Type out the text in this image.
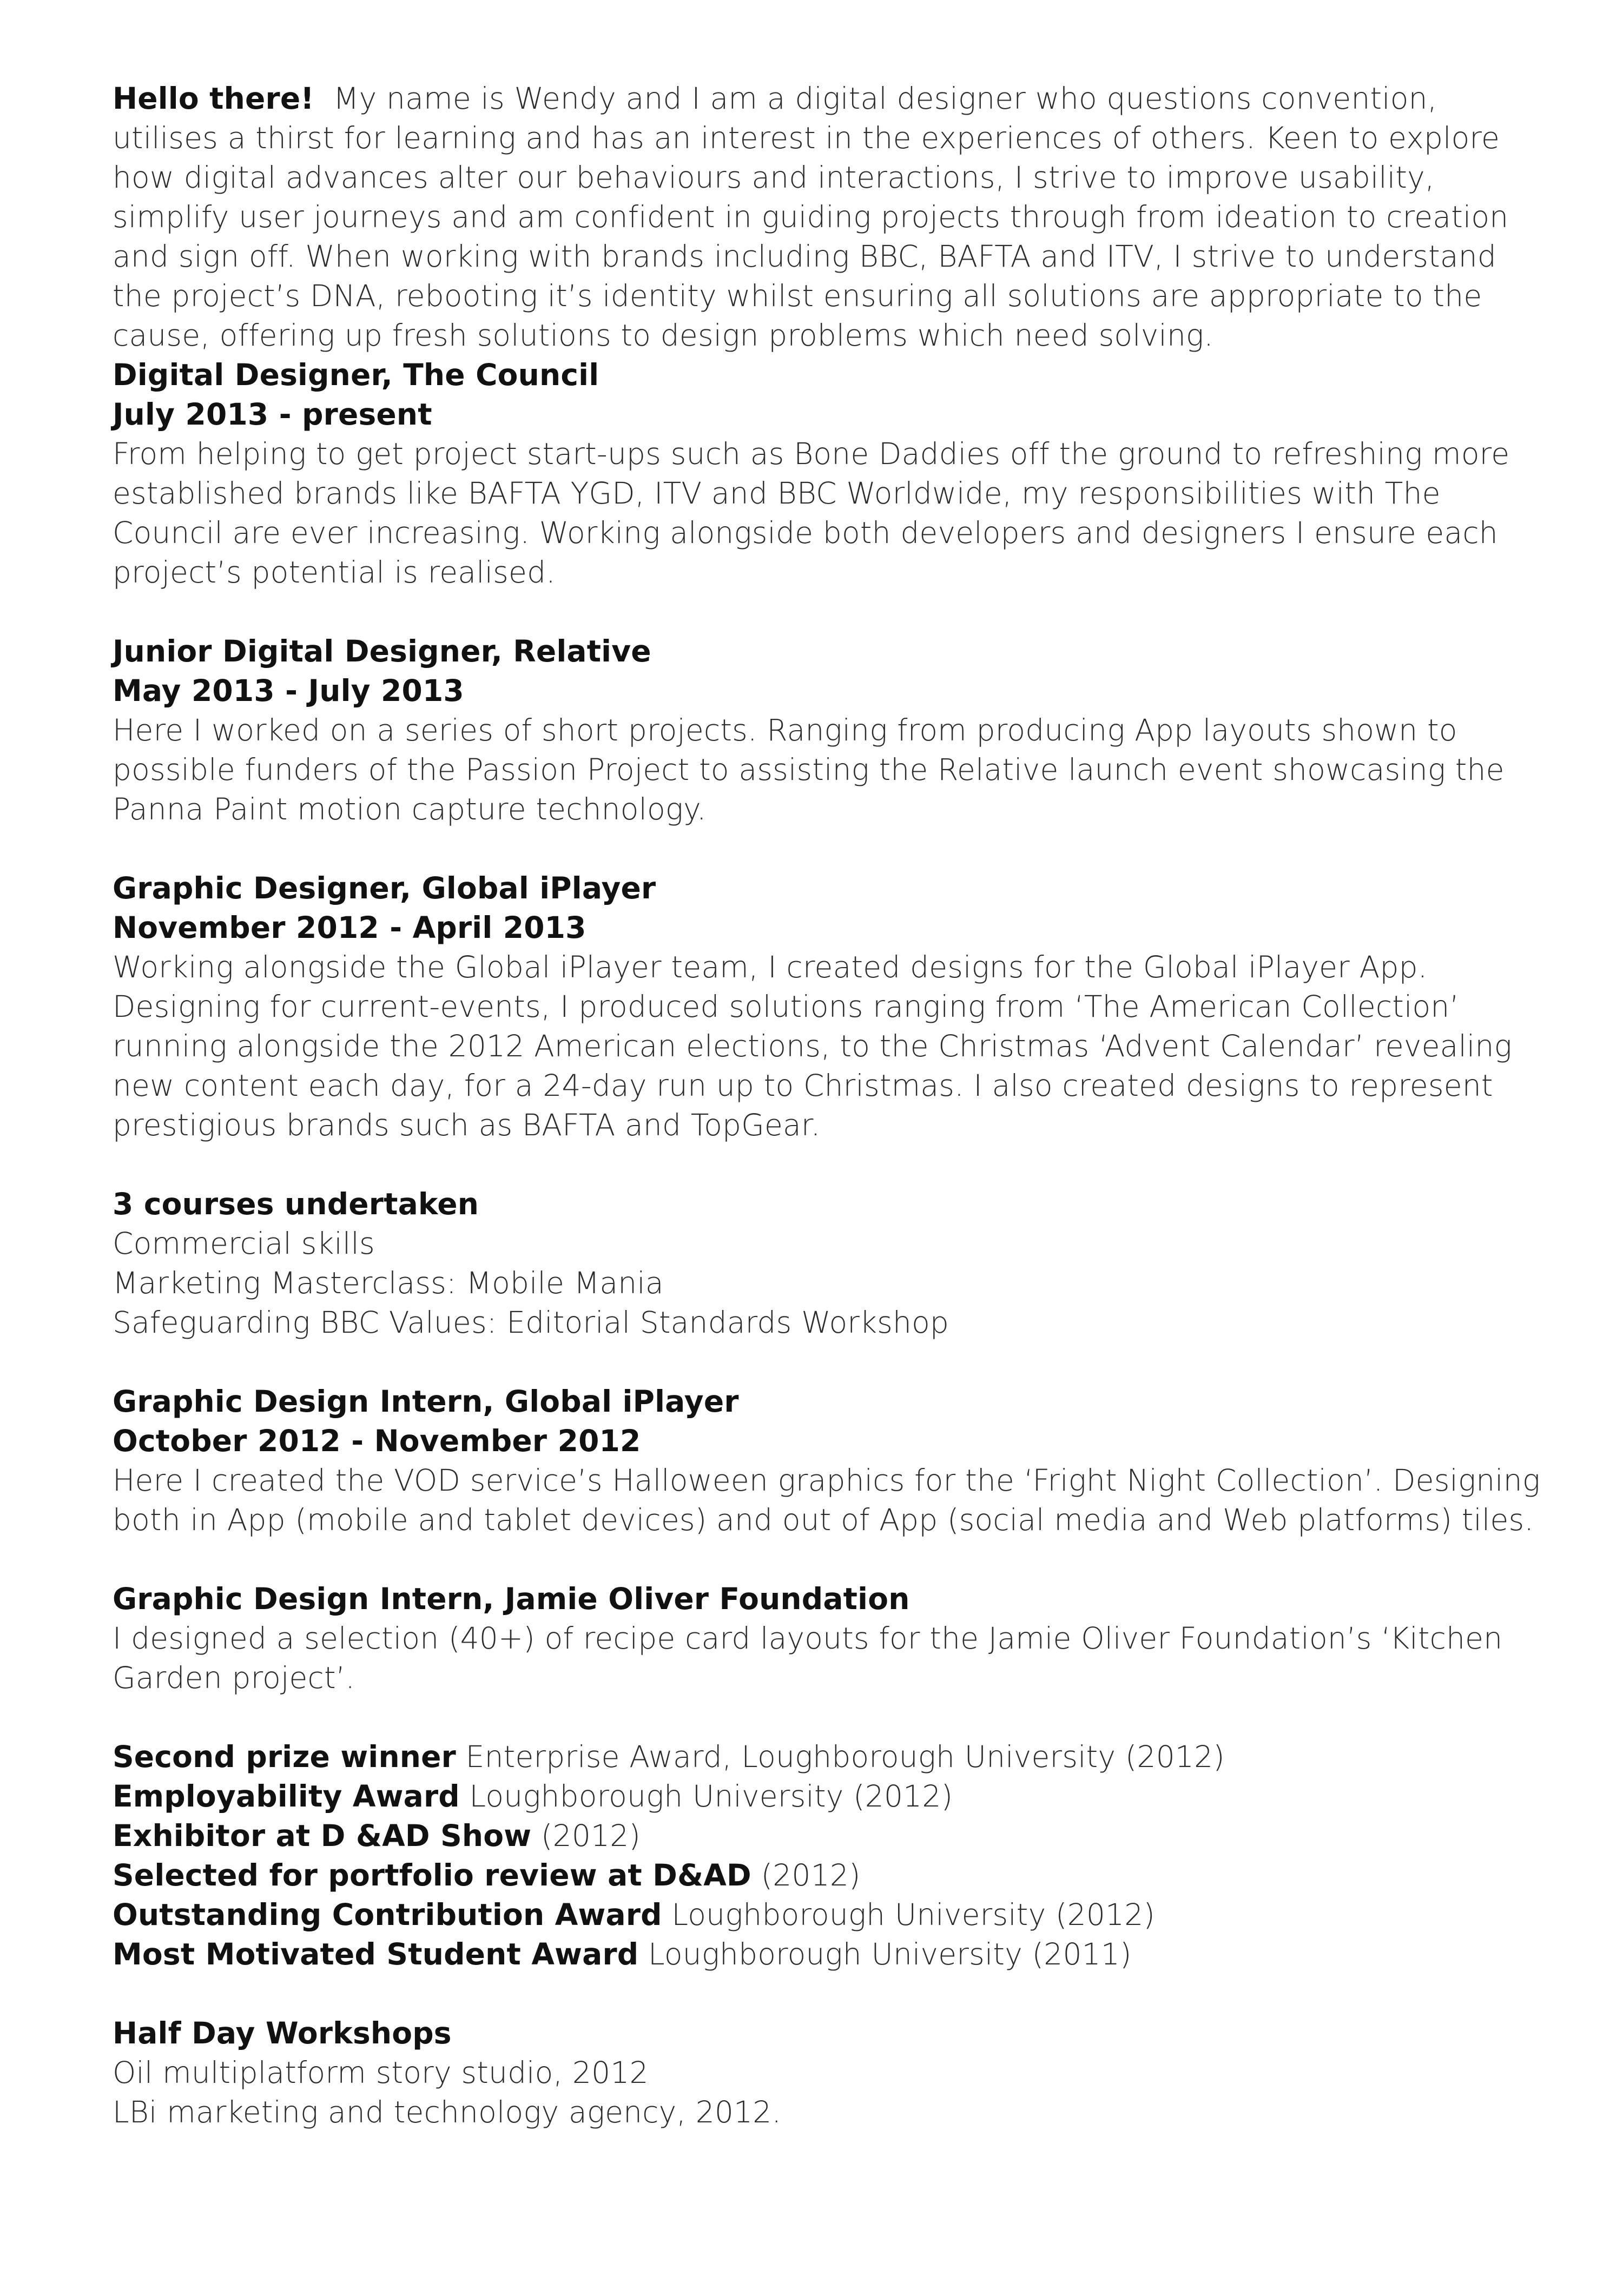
Hello there! My name is Wendy and I am a digital designer who questions convention, utilises a thirst for learning and has an interest in the experiences of others. Keen to explore how digital advances alter our behaviours and interactions, I strive to improve usability, simplify user journeys and am confident in guiding projects through from ideation to creation and sign off. When working with brands including BBC, BAFTA and ITV, I strive to understand the project’s DNA, rebooting it’s identity whilst ensuring all solutions are appropriate to the cause, offering up fresh solutions to design problems which need solving.

Digital Designer, The Council
July 2013 - present

From helping to get project start-ups such as Bone Daddies off the ground to refreshing more established brands like BAFTA YGD, ITV and BBC Worldwide, my responsibilities with The Council are ever increasing. Working alongside both developers and designers I ensure each project’s potential is realised.

Junior Digital Designer, Relative
May 2013 - July 2013

Here I worked on a series of short projects. Ranging from producing App layouts shown to possible funders of the Passion Project to assisting the Relative launch event showcasing the Panna Paint motion capture technology.

Graphic Designer, Global iPlayer
November 2012 - April 2013

Working alongside the Global iPlayer team, I created designs for the Global iPlayer App. Designing for current-events, I produced solutions ranging from ‘The American Collection’ running alongside the 2012 American elections, to the Christmas ‘Advent Calendar’ revealing new content each day, for a 24-day run up to Christmas. I also created designs to represent prestigious brands such as BAFTA and TopGear.

3 courses undertaken
Commercial skills
Marketing Masterclass: Mobile Mania
Safeguarding BBC Values: Editorial Standards Workshop
Graphic Design Intern, Global iPlayer
October 2012 - November 2012

Here I created the VOD service’s Halloween graphics for the ‘Fright Night Collection’. Designing both in App (mobile and tablet devices) and out of App (social media and Web platforms) tiles.

Graphic Design Intern, Jamie Oliver Foundation

I designed a selection (40+) of recipe card layouts for the Jamie Oliver Foundation’s ‘Kitchen Garden project’.

Second prize winner Enterprise Award, Loughborough University (2012)
Employability Award Loughborough University (2012)
Exhibitor at D &AD Show (2012)
Selected for portfolio review at D&AD (2012)
Outstanding Contribution Award Loughborough University (2012)
Most Motivated Student Award Loughborough University (2011)
Half Day Workshops
Oil multiplatform story studio, 2012
LBi marketing and technology agency, 2012.
